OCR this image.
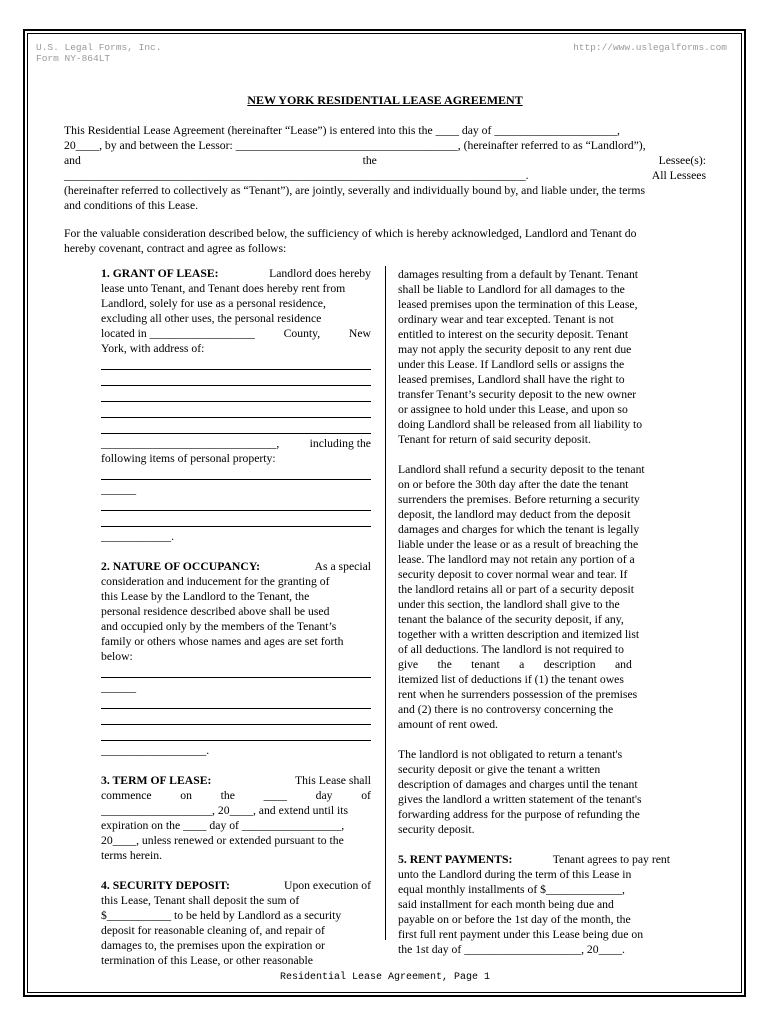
U.S. Legal Forms, Inc.
Form NY-864LT
http://www.uslegalforms.com
NEW YORK RESIDENTIAL LEASE AGREEMENT
This Residential Lease Agreement (hereinafter “Lease”) is entered into this the ____ day of _____________________,
20____, by and between the Lessor: ______________________________________, (hereinafter referred to as “Landlord”),
and	the	Lessee(s):
_______________________________________________________________________________.	All Lessees
(hereinafter referred to collectively as “Tenant”), are jointly, severally and individually bound by, and liable under, the terms
and conditions of this Lease.
For the valuable consideration described below, the sufficiency of which is hereby acknowledged, Landlord and Tenant do
hereby covenant, contract and agree as follows:
1. GRANT OF LEASE:	Landlord does hereby
lease unto Tenant, and Tenant does hereby rent from
Landlord, solely for use as a personal residence,
excluding all other uses, the personal residence
located in __________________ County, New
York, with address of:
______________________________,	including the
following items of personal property:
______
____________.
2. NATURE OF OCCUPANCY:	As a special
consideration and inducement for the granting of
this Lease by the Landlord to the Tenant, the
personal residence described above shall be used
and occupied only by the members of the Tenant’s
family or others whose names and ages are set forth
below:
______
__________________.
3. TERM OF LEASE:	This Lease shall
commence on the ____ day of
___________________, 20____, and extend until its
expiration on the ____ day of _________________,
20____, unless renewed or extended pursuant to the
terms herein.
4. SECURITY DEPOSIT:	Upon execution of
this Lease, Tenant shall deposit the sum of
$___________ to be held by Landlord as a security
deposit for reasonable cleaning of, and repair of
damages to, the premises upon the expiration or
termination of this Lease, or other reasonable
damages resulting from a default by Tenant. Tenant
shall be liable to Landlord for all damages to the
leased premises upon the termination of this Lease,
ordinary wear and tear excepted. Tenant is not
entitled to interest on the security deposit. Tenant
may not apply the security deposit to any rent due
under this Lease. If Landlord sells or assigns the
leased premises, Landlord shall have the right to
transfer Tenant’s security deposit to the new owner
or assignee to hold under this Lease, and upon so
doing Landlord shall be released from all liability to
Tenant for return of said security deposit.
Landlord shall refund a security deposit to the tenant
on or before the 30th day after the date the tenant
surrenders the premises. Before returning a security
deposit, the landlord may deduct from the deposit
damages and charges for which the tenant is legally
liable under the lease or as a result of breaching the
lease. The landlord may not retain any portion of a
security deposit to cover normal wear and tear. If
the landlord retains all or part of a security deposit
under this section, the landlord shall give to the
tenant the balance of the security deposit, if any,
together with a written description and itemized list
of all deductions. The landlord is not required to
give the tenant a description and
itemized list of deductions if (1) the tenant owes
rent when he surrenders possession of the premises
and (2) there is no controversy concerning the
amount of rent owed.
The landlord is not obligated to return a tenant's
security deposit or give the tenant a written
description of damages and charges until the tenant
gives the landlord a written statement of the tenant's
forwarding address for the purpose of refunding the
security deposit.
5. RENT PAYMENTS:	Tenant agrees to pay rent
unto the Landlord during the term of this Lease in
equal monthly installments of $_____________,
said installment for each month being due and
payable on or before the 1st day of the month, the
first full rent payment under this Lease being due on
the 1st day of ____________________, 20____.
Residential Lease Agreement, Page 1
